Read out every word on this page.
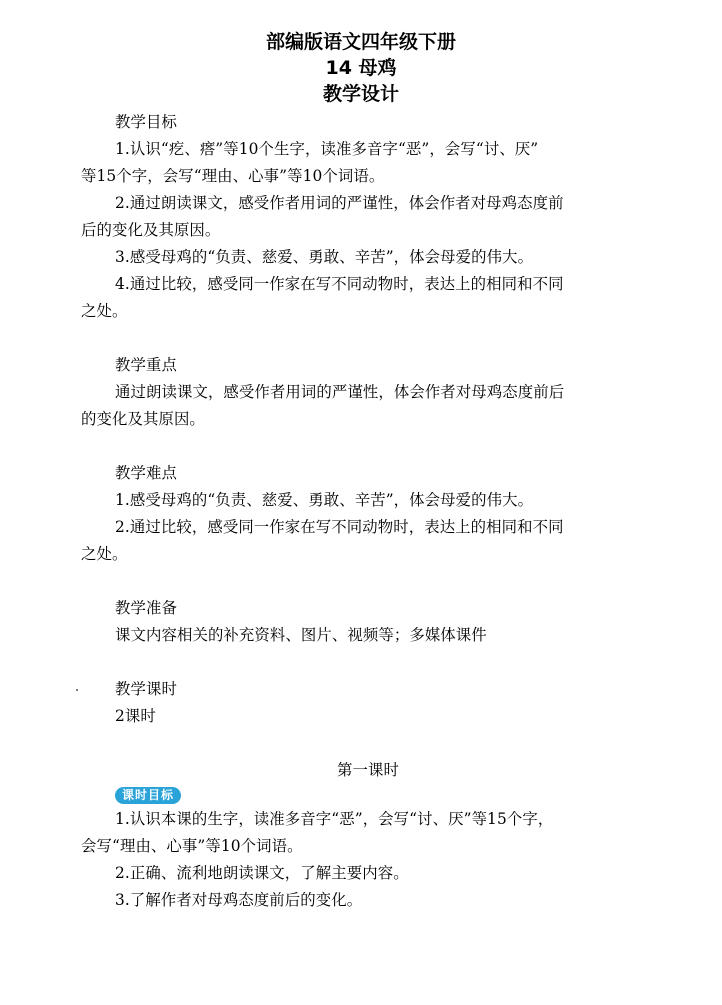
部编版语文四年级下册
14 母鸡
教学设计

教学目标

1.认识“疙、瘩”等10个生字，读准多音字“恶”，会写“讨、厌”

等15个字，会写“理由、心事”等10个词语。

2.通过朗读课文，感受作者用词的严谨性，体会作者对母鸡态度前

后的变化及其原因。

3.感受母鸡的“负责、慈爱、勇敢、辛苦”，体会母爱的伟大。

4.通过比较，感受同一作家在写不同动物时，表达上的相同和不同

之处。

教学重点

通过朗读课文，感受作者用词的严谨性，体会作者对母鸡态度前后

的变化及其原因。

教学难点

1.感受母鸡的“负责、慈爱、勇敢、辛苦”，体会母爱的伟大。

2.通过比较，感受同一作家在写不同动物时，表达上的相同和不同

之处。

教学准备

课文内容相关的补充资料、图片、视频等；多媒体课件

教学课时

2课时

第一课时

课时目标

1.认识本课的生字，读准多音字“恶”，会写“讨、厌”等15个字，

会写“理由、心事”等10个词语。

2.正确、流利地朗读课文，了解主要内容。

3.了解作者对母鸡态度前后的变化。
